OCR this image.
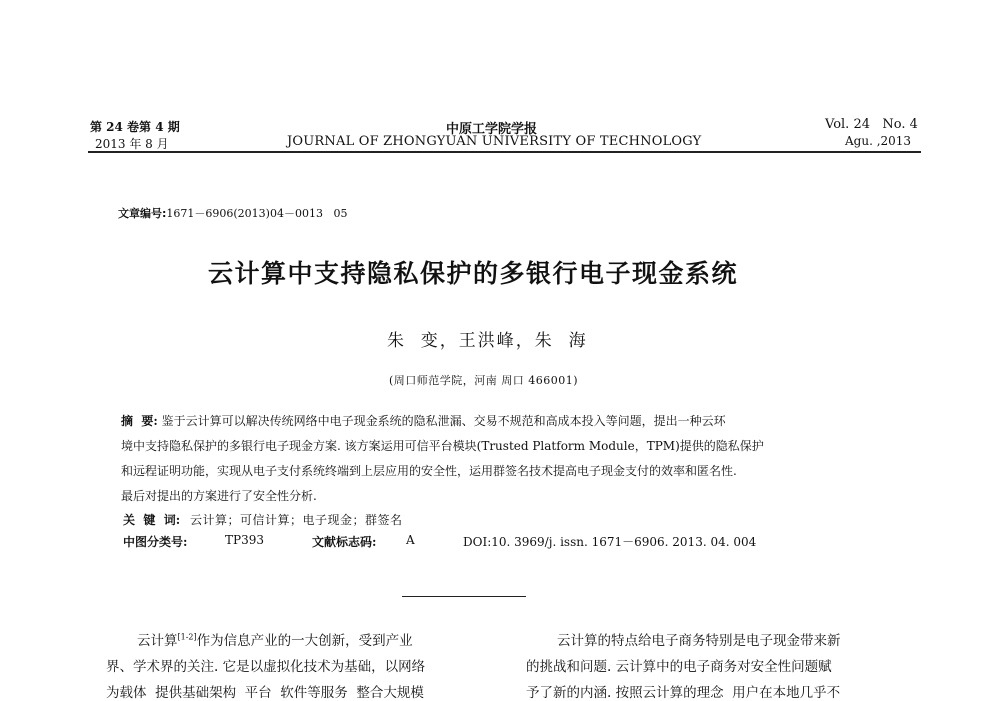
第 24 卷第 4 期
2013 年 8 月
中原工学院学报
JOURNAL OF ZHONGYUAN UNIVERSITY OF TECHNOLOGY
Vol. 24   No. 4
Agu. ,2013
文章编号:1671－6906(2013)04－0013   05
云计算中支持隐私保护的多银行电子现金系统
朱  变，王洪峰，朱  海
(周口师范学院，河南 周口 466001)
摘  要: 鉴于云计算可以解决传统网络中电子现金系统的隐私泄漏、交易不规范和高成本投入等问题，提出一种云环
境中支持隐私保护的多银行电子现金方案. 该方案运用可信平台模块(Trusted Platform Module，TPM)提供的隐私保护
和远程证明功能，实现从电子支付系统终端到上层应用的安全性，运用群签名技术提高电子现金支付的效率和匿名性.
最后对提出的方案进行了安全性分析.
关  键  词: 云计算；可信计算；电子现金；群签名
中图分类号:	TP393	文献标志码: A	DOI:10. 3969/j. issn. 1671－6906. 2013. 04. 004
云计算[1-2]作为信息产业的一大创新，受到产业
界、学术界的关注. 它是以虚拟化技术为基础，以网络
为载体  提供基础架构  平台  软件等服务  整合大规模
云计算的特点给电子商务特别是电子现金带来新
的挑战和问题. 云计算中的电子商务对安全性问题赋
予了新的内涵. 按照云计算的理念  用户在本地几乎不
